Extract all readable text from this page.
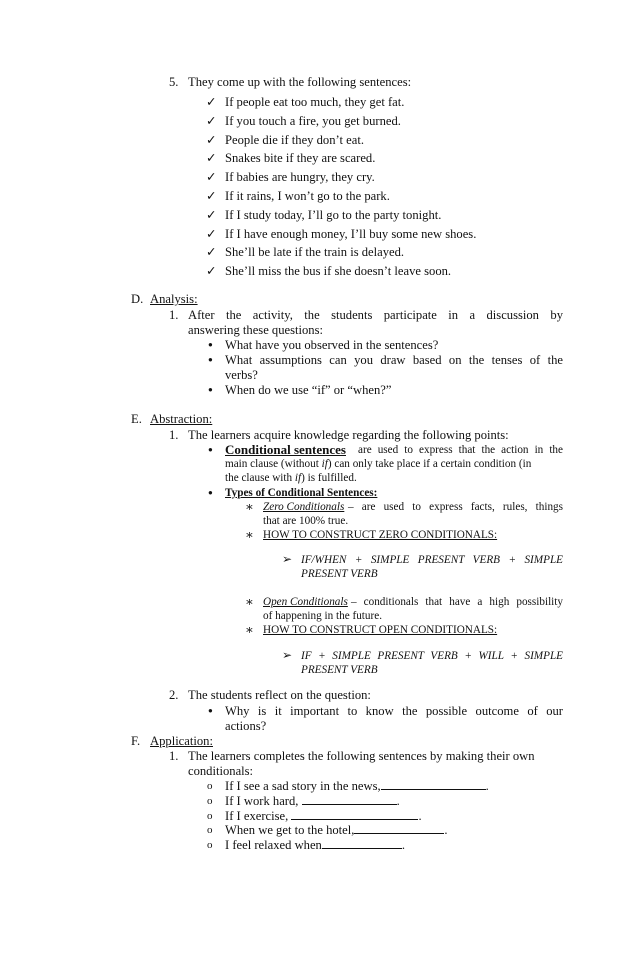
5. They come up with the following sentences:
✓
If people eat too much, they get fat.
✓
If you touch a fire, you get burned.
✓
People die if they don’t eat.
✓
Snakes bite if they are scared.
✓
If babies are hungry, they cry.
✓
If it rains, I won’t go to the park.
✓
If I study today, I’ll go to the party tonight.
✓
If I have enough money, I’ll buy some new shoes.
✓
She’ll be late if the train is delayed.
✓
She’ll miss the bus if she doesn’t leave soon.
D. Analysis:
1. After the activity, the students participate in a discussion by
answering these questions:
●
What have you observed in the sentences?
●
What assumptions can you draw based on the tenses of the
verbs?
●
When do we use “if” or “when?”
E. Abstraction:
1. The learners acquire knowledge regarding the following points:
●
Conditional sentences are used to express that the action in the
main clause (without if) can only take place if a certain condition (in
the clause with if) is fulfilled.
●
Types of Conditional Sentences:
∗
Zero Conditionals – are used to express facts, rules, things
that are 100% true.
∗
HOW TO CONSTRUCT ZERO CONDITIONALS:
➢
IF/WHEN + SIMPLE PRESENT VERB + SIMPLE
PRESENT VERB
∗
Open Conditionals – conditionals that have a high possibility
of happening in the future.
∗
HOW TO CONSTRUCT OPEN CONDITIONALS:
➢
IF + SIMPLE PRESENT VERB + WILL + SIMPLE
PRESENT VERB
2. The students reflect on the question:
●
Why is it important to know the possible outcome of our
actions?
F. Application:
1. The learners completes the following sentences by making their own
conditionals:
o
If I see a sad story in the news,	.
o
If I work hard,	.
o
If I exercise,	.
o
When we get to the hotel,	.
o
I feel relaxed when	.
